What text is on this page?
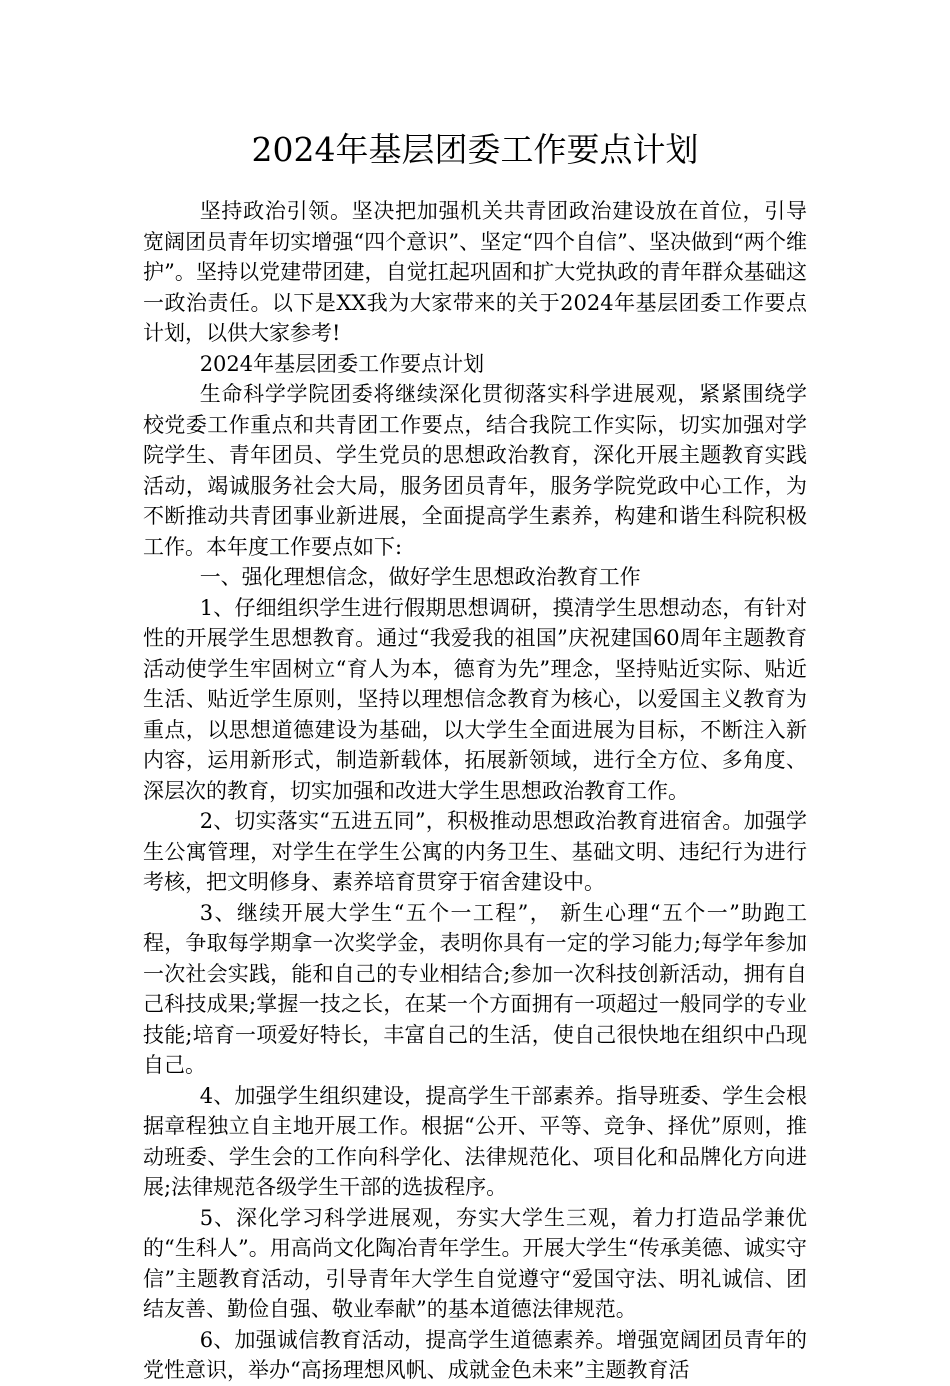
2024年基层团委工作要点计划

坚持政治引领。坚决把加强机关共青团政治建设放在首位，引导宽阔团员青年切实增强“四个意识”、坚定“四个自信”、坚决做到“两个维护”。坚持以党建带团建，自觉扛起巩固和扩大党执政的青年群众基础这一政治责任。以下是XX我为大家带来的关于2024年基层团委工作要点计划，以供大家参考!

2024年基层团委工作要点计划

生命科学学院团委将继续深化贯彻落实科学进展观，紧紧围绕学校党委工作重点和共青团工作要点，结合我院工作实际，切实加强对学院学生、青年团员、学生党员的思想政治教育，深化开展主题教育实践活动，竭诚服务社会大局，服务团员青年，服务学院党政中心工作，为不断推动共青团事业新进展，全面提高学生素养，构建和谐生科院积极工作。本年度工作要点如下:

一、强化理想信念，做好学生思想政治教育工作

1、仔细组织学生进行假期思想调研，摸清学生思想动态，有针对性的开展学生思想教育。通过“我爱我的祖国”庆祝建国60周年主题教育活动使学生牢固树立“育人为本，德育为先”理念，坚持贴近实际、贴近生活、贴近学生原则，坚持以理想信念教育为核心，以爱国主义教育为重点，以思想道德建设为基础，以大学生全面进展为目标，不断注入新内容，运用新形式，制造新载体，拓展新领域，进行全方位、多角度、深层次的教育，切实加强和改进大学生思想政治教育工作。

2、切实落实“五进五同”，积极推动思想政治教育进宿舍。加强学生公寓管理，对学生在学生公寓的内务卫生、基础文明、违纪行为进行考核，把文明修身、素养培育贯穿于宿舍建设中。

3、继续开展大学生“五个一工程”， 新生心理“五个一”助跑工程，争取每学期拿一次奖学金，表明你具有一定的学习能力;每学年参加一次社会实践，能和自己的专业相结合;参加一次科技创新活动，拥有自己科技成果;掌握一技之长，在某一个方面拥有一项超过一般同学的专业技能;培育一项爱好特长，丰富自己的生活，使自己很快地在组织中凸现自己。

4、加强学生组织建设，提高学生干部素养。指导班委、学生会根据章程独立自主地开展工作。根据“公开、平等、竞争、择优”原则，推动班委、学生会的工作向科学化、法律规范化、项目化和品牌化方向进展;法律规范各级学生干部的选拔程序。

5、深化学习科学进展观，夯实大学生三观，着力打造品学兼优的“生科人”。用高尚文化陶冶青年学生。开展大学生“传承美德、诚实守信”主题教育活动，引导青年大学生自觉遵守“爱国守法、明礼诚信、团结友善、勤俭自强、敬业奉献”的基本道德法律规范。

6、加强诚信教育活动，提高学生道德素养。增强宽阔团员青年的党性意识，举办“高扬理想风帆、成就金色未来”主题教育活
